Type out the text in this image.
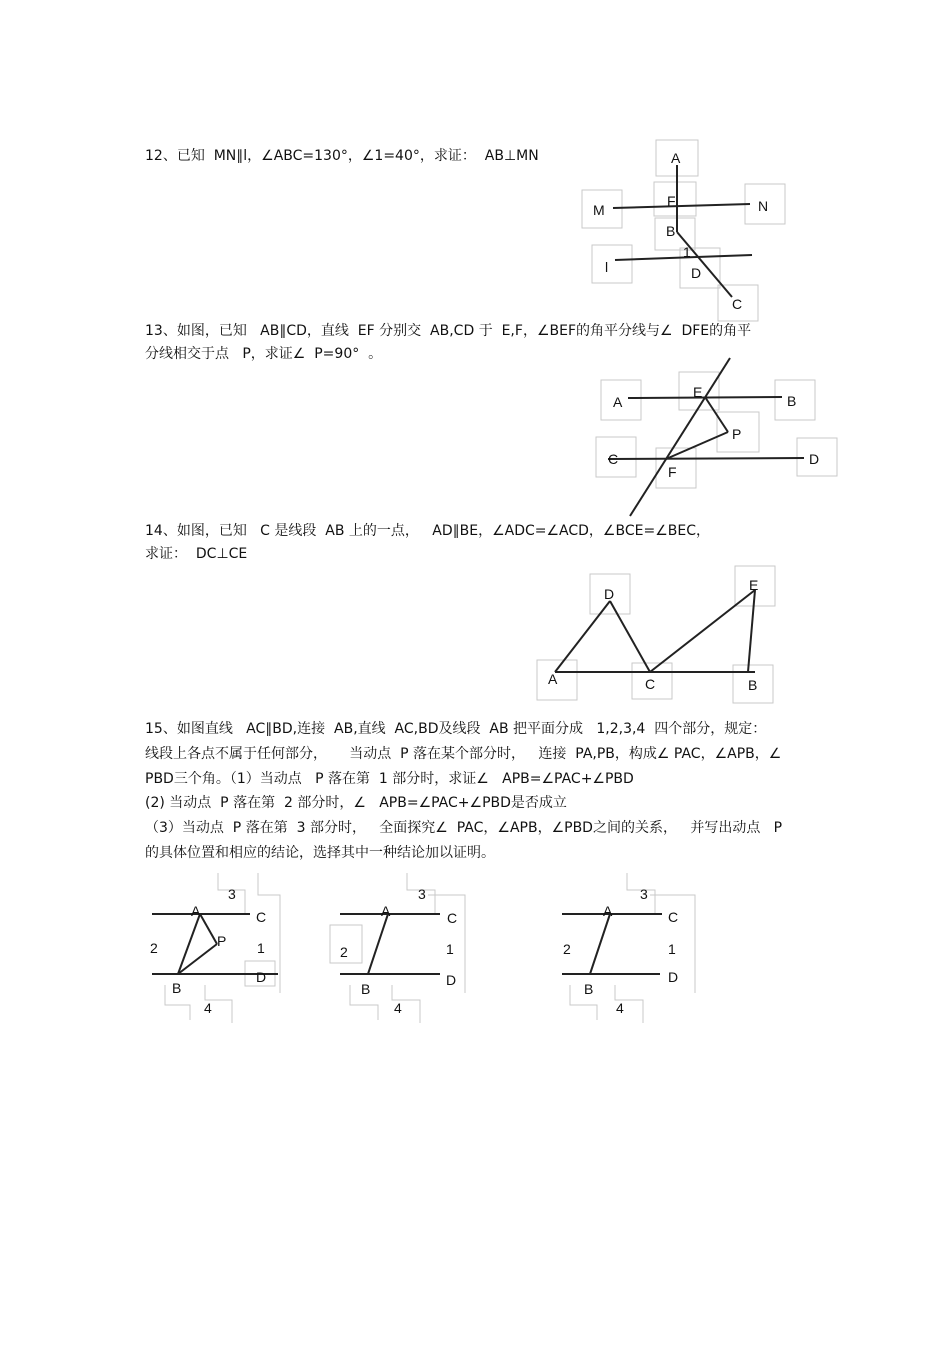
12、已知  MN∥l，∠ABC=130°，∠1=40°，求证：  AB⊥MN
13、如图，已知   AB∥CD，直线  EF 分别交  AB,CD 于  E,F，∠BEF的角平分线与∠  DFE的角平
分线相交于点   P，求证∠  P=90°  。
14、如图，已知   C 是线段  AB 上的一点，   AD∥BE，∠ADC=∠ACD，∠BCE=∠BEC，
求证：  DC⊥CE
15、如图直线   AC∥BD,连接  AB,直线  AC,BD及线段  AB 把平面分成   1,2,3,4  四个部分，规定：
线段上各点不属于任何部分，     当动点  P 落在某个部分时，   连接  PA,PB，构成∠ PAC，∠APB，∠
PBD三个角。（1）当动点   P 落在第  1 部分时，求证∠   APB=∠PAC+∠PBD
(2) 当动点  P 落在第  2 部分时，∠   APB=∠PAC+∠PBD是否成立
（3）当动点  P 落在第  3 部分时，   全面探究∠  PAC，∠APB，∠PBD之间的关系，   并写出动点   P
的具体位置和相应的结论，选择其中一种结论加以证明。
A
F
M	N
B
1
l	D
C
A
E
B
P
C
F
D
D
E
A	C	B
3
A	C
2	P 1
D
B
4
3
A	C
2	1
D
B
4
3
A	C
2	1
D
B
4
